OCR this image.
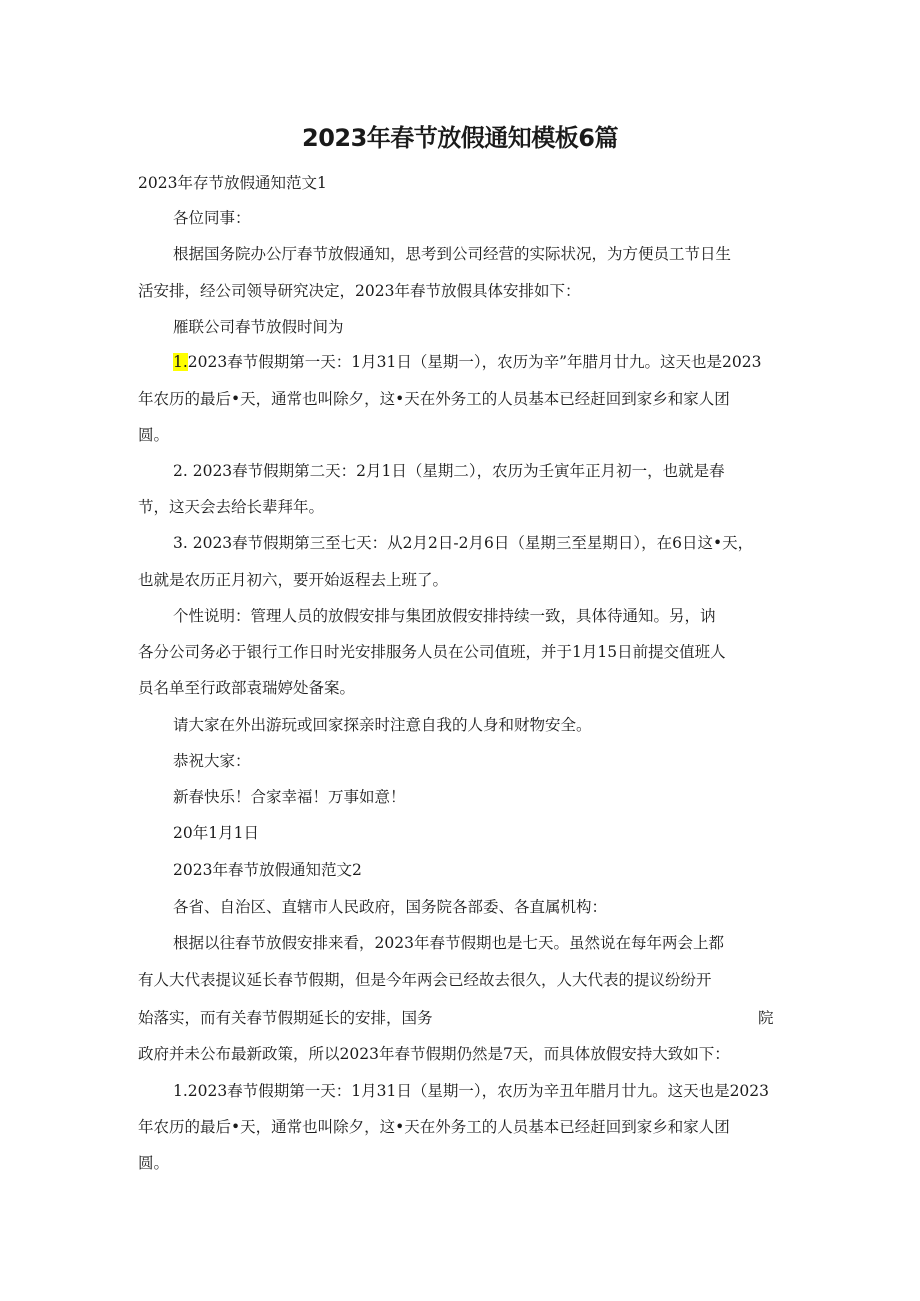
2023年春节放假通知模板6篇
2023年存节放假通知范文1
各位同事：
根据国务院办公厅春节放假通知，思考到公司经营的实际状况，为方便员工节日生
活安排，经公司领导研究决定，2023年春节放假具体安排如下：
雁联公司春节放假时间为
1.2023春节假期第一天：1月31日（星期一），农历为辛”年腊月廿九。这天也是2023
年农历的最后•天，通常也叫除夕，这•天在外务工的人员基本已经赶回到家乡和家人团
圆。
2. 2023春节假期第二天：2月1日（星期二），农历为壬寅年正月初一，也就是春
节，这天会去给长辈拜年。
3. 2023春节假期第三至七天：从2月2日-2月6日（星期三至星期日），在6日这•天，
也就是农历正月初六，要开始返程去上班了。
个性说明：管理人员的放假安排与集团放假安排持续一致，具体待通知。另，讷
各分公司务必于银行工作日时光安排服务人员在公司值班，并于1月15日前提交值班人
员名单至行政部袁瑞婷处备案。
请大家在外出游玩或回家探亲时注意自我的人身和财物安全。
恭祝大家：
新春快乐！合家幸福！万事如意！
20年1月1日
2023年春节放假通知范文2
各省、自治区、直辖市人民政府，国务院各部委、各直属机构：
根据以往春节放假安排来看，2023年春节假期也是七天。虽然说在每年两会上都
有人大代表提议延长春节假期，但是今年两会已经故去很久，人大代表的提议纷纷开
始落实，而有关春节假期延长的安排，国务	院
政府并未公布最新政策，所以2023年春节假期仍然是7天，而具体放假安持大致如下：
1.2023春节假期第一天：1月31日（星期一），农历为辛丑年腊月廿九。这天也是2023
年农历的最后•天，通常也叫除夕，这•天在外务工的人员基本已经赶回到家乡和家人团
圆。
